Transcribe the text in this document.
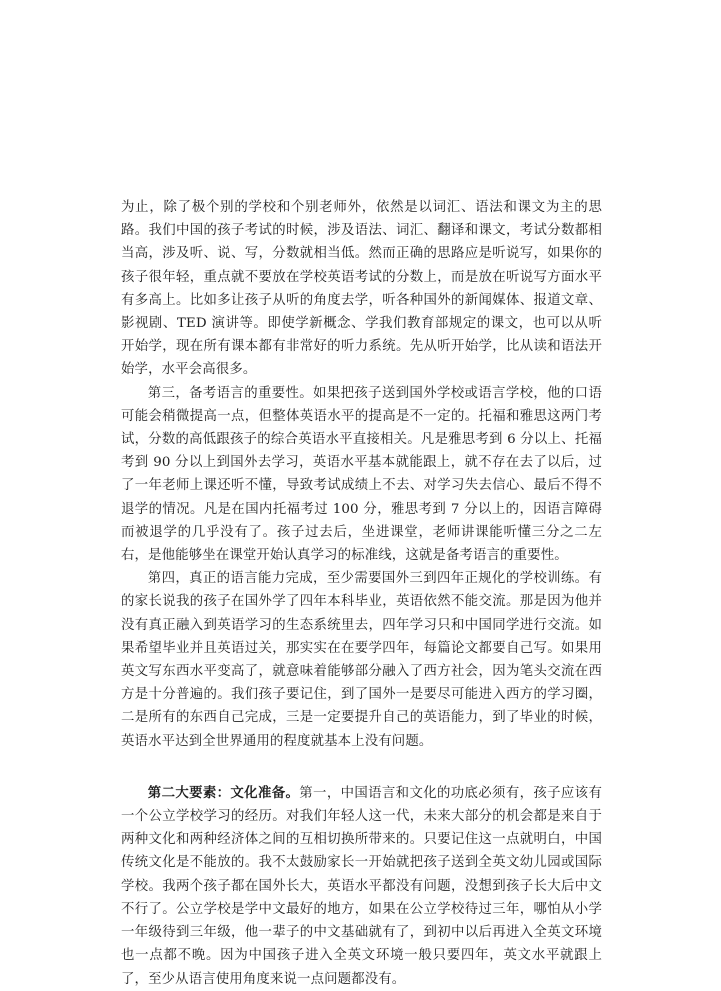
为止，除了极个别的学校和个别老师外，依然是以词汇、语法和课文为主的思路。我们中国的孩子考试的时候，涉及语法、词汇、翻译和课文，考试分数都相当高，涉及听、说、写，分数就相当低。然而正确的思路应是听说写，如果你的孩子很年轻，重点就不要放在学校英语考试的分数上，而是放在听说写方面水平有多高上。比如多让孩子从听的角度去学，听各种国外的新闻媒体、报道文章、影视剧、TED 演讲等。即使学新概念、学我们教育部规定的课文，也可以从听开始学，现在所有课本都有非常好的听力系统。先从听开始学，比从读和语法开始学，水平会高很多。

第三，备考语言的重要性。如果把孩子送到国外学校或语言学校，他的口语可能会稍微提高一点，但整体英语水平的提高是不一定的。托福和雅思这两门考试，分数的高低跟孩子的综合英语水平直接相关。凡是雅思考到 6 分以上、托福考到 90 分以上到国外去学习，英语水平基本就能跟上，就不存在去了以后，过了一年老师上课还听不懂，导致考试成绩上不去、对学习失去信心、最后不得不退学的情况。凡是在国内托福考过 100 分，雅思考到 7 分以上的，因语言障碍而被退学的几乎没有了。孩子过去后，坐进课堂，老师讲课能听懂三分之二左右，是他能够坐在课堂开始认真学习的标准线，这就是备考语言的重要性。

第四，真正的语言能力完成，至少需要国外三到四年正规化的学校训练。有的家长说我的孩子在国外学了四年本科毕业，英语依然不能交流。那是因为他并没有真正融入到英语学习的生态系统里去，四年学习只和中国同学进行交流。如果希望毕业并且英语过关，那实实在在要学四年，每篇论文都要自己写。如果用英文写东西水平变高了，就意味着能够部分融入了西方社会，因为笔头交流在西方是十分普遍的。我们孩子要记住，到了国外一是要尽可能进入西方的学习圈，二是所有的东西自己完成，三是一定要提升自己的英语能力，到了毕业的时候，英语水平达到全世界通用的程度就基本上没有问题。

第二大要素：文化准备。第一，中国语言和文化的功底必须有，孩子应该有一个公立学校学习的经历。对我们年轻人这一代，未来大部分的机会都是来自于两种文化和两种经济体之间的互相切换所带来的。只要记住这一点就明白，中国传统文化是不能放的。我不太鼓励家长一开始就把孩子送到全英文幼儿园或国际学校。我两个孩子都在国外长大，英语水平都没有问题，没想到孩子长大后中文不行了。公立学校是学中文最好的地方，如果在公立学校待过三年，哪怕从小学一年级待到三年级，他一辈子的中文基础就有了，到初中以后再进入全英文环境也一点都不晚。因为中国孩子进入全英文环境一般只要四年，英文水平就跟上了，至少从语言使用角度来说一点问题都没有。
